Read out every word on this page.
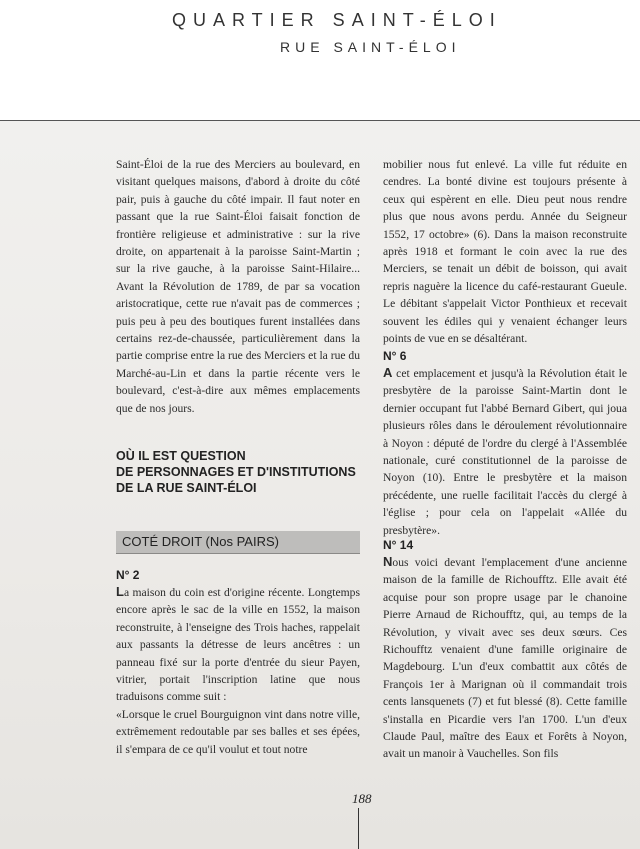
QUARTIER SAINT-ÉLOI
RUE SAINT-ÉLOI

Saint-Éloi de la rue des Merciers au boulevard, en visitant quelques maisons, d'abord à droite du côté pair, puis à gauche du côté impair. Il faut noter en passant que la rue Saint-Éloi faisait fonction de frontière religieuse et administrative : sur la rive droite, on appartenait à la paroisse Saint-Martin ; sur la rive gauche, à la paroisse Saint-Hilaire... Avant la Révolution de 1789, de par sa vocation aristocratique, cette rue n'avait pas de commerces ; puis peu à peu des boutiques furent installées dans certains rez-de-chaussée, particulièrement dans la partie comprise entre la rue des Merciers et la rue du Marché-au-Lin et dans la partie récente vers le boulevard, c'est-à-dire aux mêmes emplacements que de nos jours.

OÙ IL EST QUESTION
DE PERSONNAGES ET D'INSTITUTIONS
DE LA RUE SAINT-ÉLOI
COTÉ DROIT (Nos PAIRS)

N° 2

La maison du coin est d'origine récente. Longtemps encore après le sac de la ville en 1552, la maison reconstruite, à l'enseigne des Trois haches, rappelait aux passants la détresse de leurs ancêtres : un panneau fixé sur la porte d'entrée du sieur Payen, vitrier, portait l'inscription latine que nous traduisons comme suit :

«Lorsque le cruel Bourguignon vint dans notre ville, extrêmement redoutable par ses balles et ses épées, il s'empara de ce qu'il voulut et tout notre

mobilier nous fut enlevé. La ville fut réduite en cendres. La bonté divine est toujours présente à ceux qui espèrent en elle. Dieu peut nous rendre plus que nous avons perdu. Année du Seigneur 1552, 17 octobre» (6). Dans la maison reconstruite après 1918 et formant le coin avec la rue des Merciers, se tenait un débit de boisson, qui avait repris naguère la licence du café-restaurant Gueule. Le débitant s'appelait Victor Ponthieux et recevait souvent les édiles qui y venaient échanger leurs points de vue en se désaltérant.

N° 6

A cet emplacement et jusqu'à la Révolution était le presbytère de la paroisse Saint-Martin dont le dernier occupant fut l'abbé Bernard Gibert, qui joua plusieurs rôles dans le déroulement révolutionnaire à Noyon : député de l'ordre du clergé à l'Assemblée nationale, curé constitutionnel de la paroisse de Noyon (10). Entre le presbytère et la maison précédente, une ruelle facilitait l'accès du clergé à l'église ; pour cela on l'appelait «Allée du presbytère».

N° 14

Nous voici devant l'emplacement d'une ancienne maison de la famille de Richoufftz. Elle avait été acquise pour son propre usage par le chanoine Pierre Arnaud de Richoufftz, qui, au temps de la Révolution, y vivait avec ses deux sœurs. Ces Richoufftz venaient d'une famille originaire de Magdebourg. L'un d'eux combattit aux côtés de François 1er à Marignan où il commandait trois cents lansquenets (7) et fut blessé (8). Cette famille s'installa en Picardie vers l'an 1700. L'un d'eux Claude Paul, maître des Eaux et Forêts à Noyon, avait un manoir à Vauchelles. Son fils

188
